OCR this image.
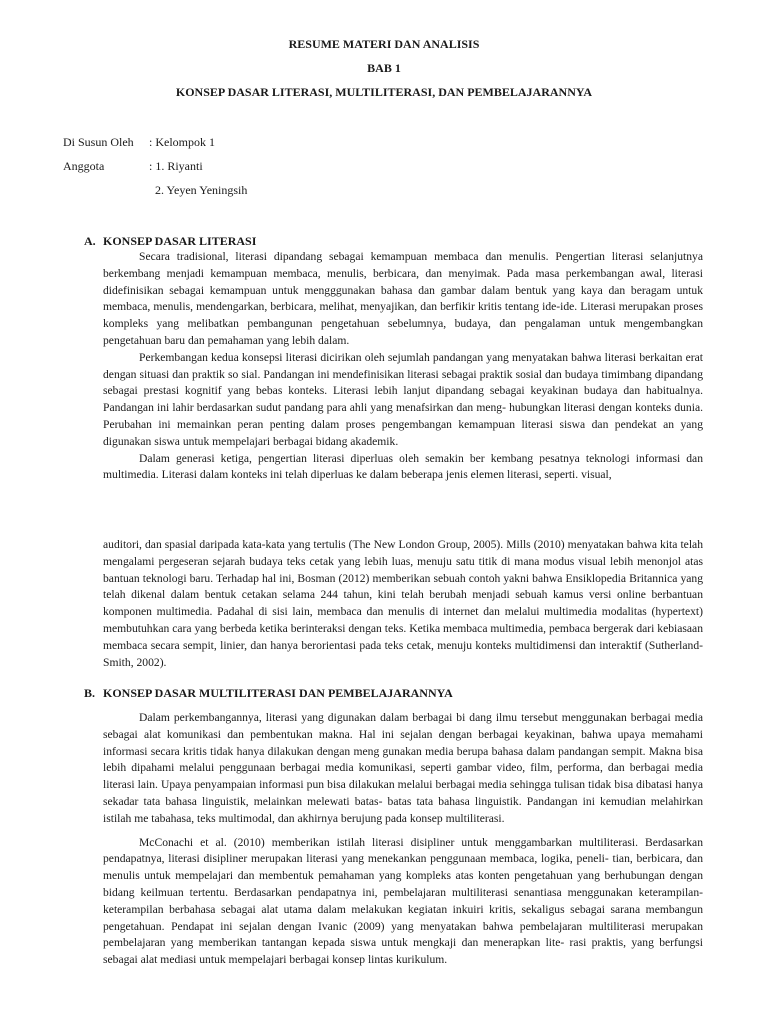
RESUME MATERI DAN ANALISIS
BAB 1
KONSEP DASAR LITERASI, MULTILITERASI, DAN PEMBELAJARANNYA
Di Susun Oleh : Kelompok 1
Anggota	: 1. Riyanti
2. Yeyen Yeningsih
A. KONSEP DASAR LITERASI

Secara tradisional, literasi dipandang sebagai kemampuan membaca dan menulis. Pengertian literasi selanjutnya berkembang menjadi kemampuan membaca, menulis, berbicara, dan menyimak. Pada masa perkembangan awal, literasi didefinisikan sebagai kemampuan untuk mengggunakan bahasa dan gambar dalam bentuk yang kaya dan beragam untuk membaca, menulis, mendengarkan, berbicara, melihat, menyajikan, dan berfikir kritis tentang ide-ide. Literasi merupakan proses kompleks yang melibatkan pembangunan pengetahuan sebelumnya, budaya, dan pengalaman untuk mengembangkan pengetahuan baru dan pemahaman yang lebih dalam.

Perkembangan kedua konsepsi literasi dicirikan oleh sejumlah pandangan yang menyatakan bahwa literasi berkaitan erat dengan situasi dan praktik so sial. Pandangan ini mendefinisikan literasi sebagai praktik sosial dan budaya timimbang dipandang sebagai prestasi kognitif yang bebas konteks. Literasi lebih lanjut dipandang sebagai keyakinan budaya dan habitualnya. Pandangan ini lahir berdasarkan sudut pandang para ahli yang menafsirkan dan meng- hubungkan literasi dengan konteks dunia. Perubahan ini memainkan peran penting dalam proses pengembangan kemampuan literasi siswa dan pendekat an yang digunakan siswa untuk mempelajari berbagai bidang akademik.

Dalam generasi ketiga, pengertian literasi diperluas oleh semakin ber kembang pesatnya teknologi informasi dan multimedia. Literasi dalam konteks ini telah diperluas ke dalam beberapa jenis elemen literasi, seperti. visual,

auditori, dan spasial daripada kata-kata yang tertulis (The New London Group, 2005). Mills (2010) menyatakan bahwa kita telah mengalami pergeseran sejarah budaya teks cetak yang lebih luas, menuju satu titik di mana modus visual lebih menonjol atas bantuan teknologi baru. Terhadap hal ini, Bosman (2012) memberikan sebuah contoh yakni bahwa Ensiklopedia Britannica yang telah dikenal dalam bentuk cetakan selama 244 tahun, kini telah berubah menjadi sebuah kamus versi online berbantuan komponen multimedia. Padahal di sisi lain, membaca dan menulis di internet dan melalui multimedia modalitas (hypertext) membutuhkan cara yang berbeda ketika berinteraksi dengan teks. Ketika membaca multimedia, pembaca bergerak dari kebiasaan membaca secara sempit, linier, dan hanya berorientasi pada teks cetak, menuju konteks multidimensi dan interaktif (Sutherland-Smith, 2002).

B. KONSEP DASAR MULTILITERASI DAN PEMBELAJARANNYA

Dalam perkembangannya, literasi yang digunakan dalam berbagai bi dang ilmu tersebut menggunakan berbagai media sebagai alat komunikasi dan pembentukan makna. Hal ini sejalan dengan berbagai keyakinan, bahwa upaya memahami informasi secara kritis tidak hanya dilakukan dengan meng gunakan media berupa bahasa dalam pandangan sempit. Makna bisa lebih dipahami melalui penggunaan berbagai media komunikasi, seperti gambar video, film, performa, dan berbagai media literasi lain. Upaya penyampaian informasi pun bisa dilakukan melalui berbagai media sehingga tulisan tidak bisa dibatasi hanya sekadar tata bahasa linguistik, melainkan melewati batas- batas tata bahasa linguistik. Pandangan ini kemudian melahirkan istilah me tabahasa, teks multimodal, dan akhirnya berujung pada konsep multiliterasi.

McConachi et al. (2010) memberikan istilah literasi disipliner untuk menggambarkan multiliterasi. Berdasarkan pendapatnya, literasi disipliner merupakan literasi yang menekankan penggunaan membaca, logika, peneli- tian, berbicara, dan menulis untuk mempelajari dan membentuk pemahaman yang kompleks atas konten pengetahuan yang berhubungan dengan bidang keilmuan tertentu. Berdasarkan pendapatnya ini, pembelajaran multiliterasi senantiasa menggunakan keterampilan-keterampilan berbahasa sebagai alat utama dalam melakukan kegiatan inkuiri kritis, sekaligus sebagai sarana membangun pengetahuan. Pendapat ini sejalan dengan Ivanic (2009) yang menyatakan bahwa pembelajaran multiliterasi merupakan pembelajaran yang memberikan tantangan kepada siswa untuk mengkaji dan menerapkan lite- rasi praktis, yang berfungsi sebagai alat mediasi untuk mempelajari berbagai konsep lintas kurikulum.
